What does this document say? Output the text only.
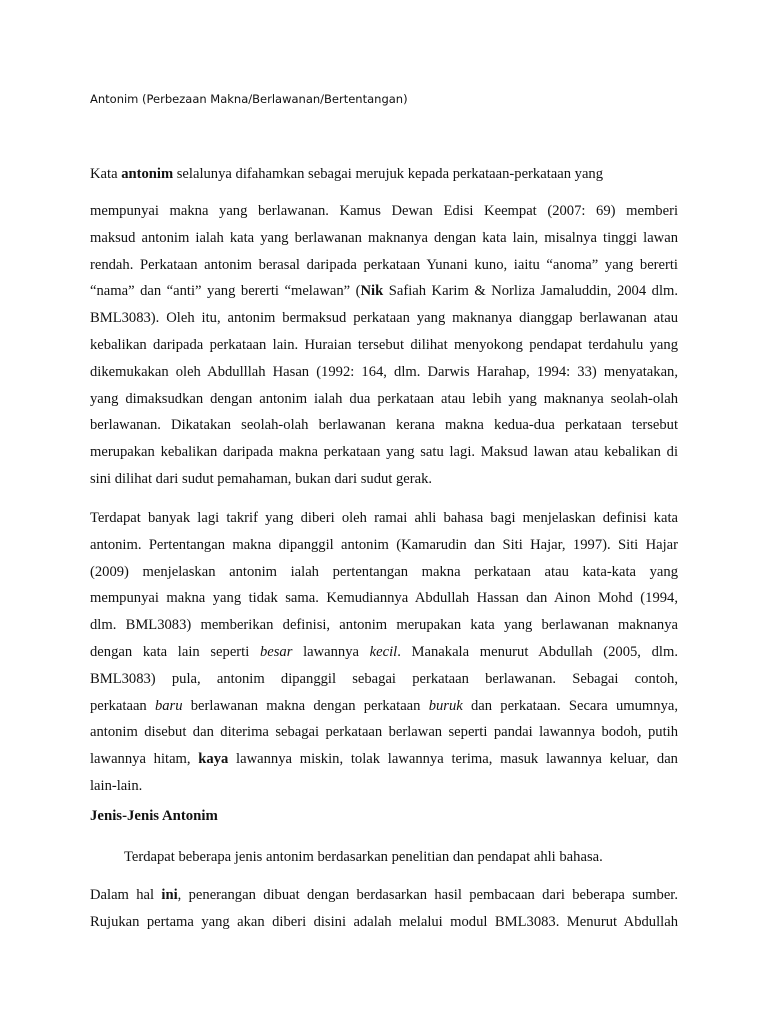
Antonim (Perbezaan Makna/Berlawanan/Bertentangan)

Kata antonim selalunya difahamkan sebagai merujuk kepada perkataan-perkataan yang

mempunyai makna yang berlawanan. Kamus Dewan Edisi Keempat (2007: 69) memberi
maksud antonim ialah kata yang berlawanan maknanya dengan kata lain, misalnya tinggi lawan
rendah. Perkataan antonim berasal daripada perkataan Yunani kuno, iaitu “anoma” yang bererti
“nama” dan “anti” yang bererti “melawan” (Nik Safiah Karim & Norliza Jamaluddin, 2004 dlm.
BML3083). Oleh itu, antonim bermaksud perkataan yang maknanya dianggap berlawanan atau
kebalikan daripada perkataan lain. Huraian tersebut dilihat menyokong pendapat terdahulu yang
dikemukakan oleh Abdulllah Hasan (1992: 164, dlm. Darwis Harahap, 1994: 33) menyatakan,
yang dimaksudkan dengan antonim ialah dua perkataan atau lebih yang maknanya seolah-olah
berlawanan. Dikatakan seolah-olah berlawanan kerana makna kedua-dua perkataan tersebut
merupakan kebalikan daripada makna perkataan yang satu lagi. Maksud lawan atau kebalikan di
sini dilihat dari sudut pemahaman, bukan dari sudut gerak.

Terdapat banyak lagi takrif yang diberi oleh ramai ahli bahasa bagi menjelaskan definisi kata
antonim. Pertentangan makna dipanggil antonim (Kamarudin dan Siti Hajar, 1997). Siti Hajar
(2009) menjelaskan antonim ialah pertentangan makna perkataan atau kata-kata yang
mempunyai makna yang tidak sama. Kemudiannya Abdullah Hassan dan Ainon Mohd (1994,
dlm. BML3083) memberikan definisi, antonim merupakan kata yang berlawanan maknanya
dengan kata lain seperti besar lawannya kecil. Manakala menurut Abdullah (2005, dlm.
BML3083) pula, antonim dipanggil sebagai perkataan berlawanan. Sebagai contoh,
perkataan baru berlawanan makna dengan perkataan buruk dan perkataan. Secara umumnya,
antonim disebut dan diterima sebagai perkataan berlawan seperti pandai lawannya bodoh, putih
lawannya hitam, kaya lawannya miskin, tolak lawannya terima, masuk lawannya keluar, dan
lain-lain.

Jenis-Jenis Antonim

Terdapat beberapa jenis antonim berdasarkan penelitian dan pendapat ahli bahasa.

Dalam hal ini, penerangan dibuat dengan berdasarkan hasil pembacaan dari beberapa sumber.
Rujukan pertama yang akan diberi disini adalah melalui modul BML3083. Menurut Abdullah
